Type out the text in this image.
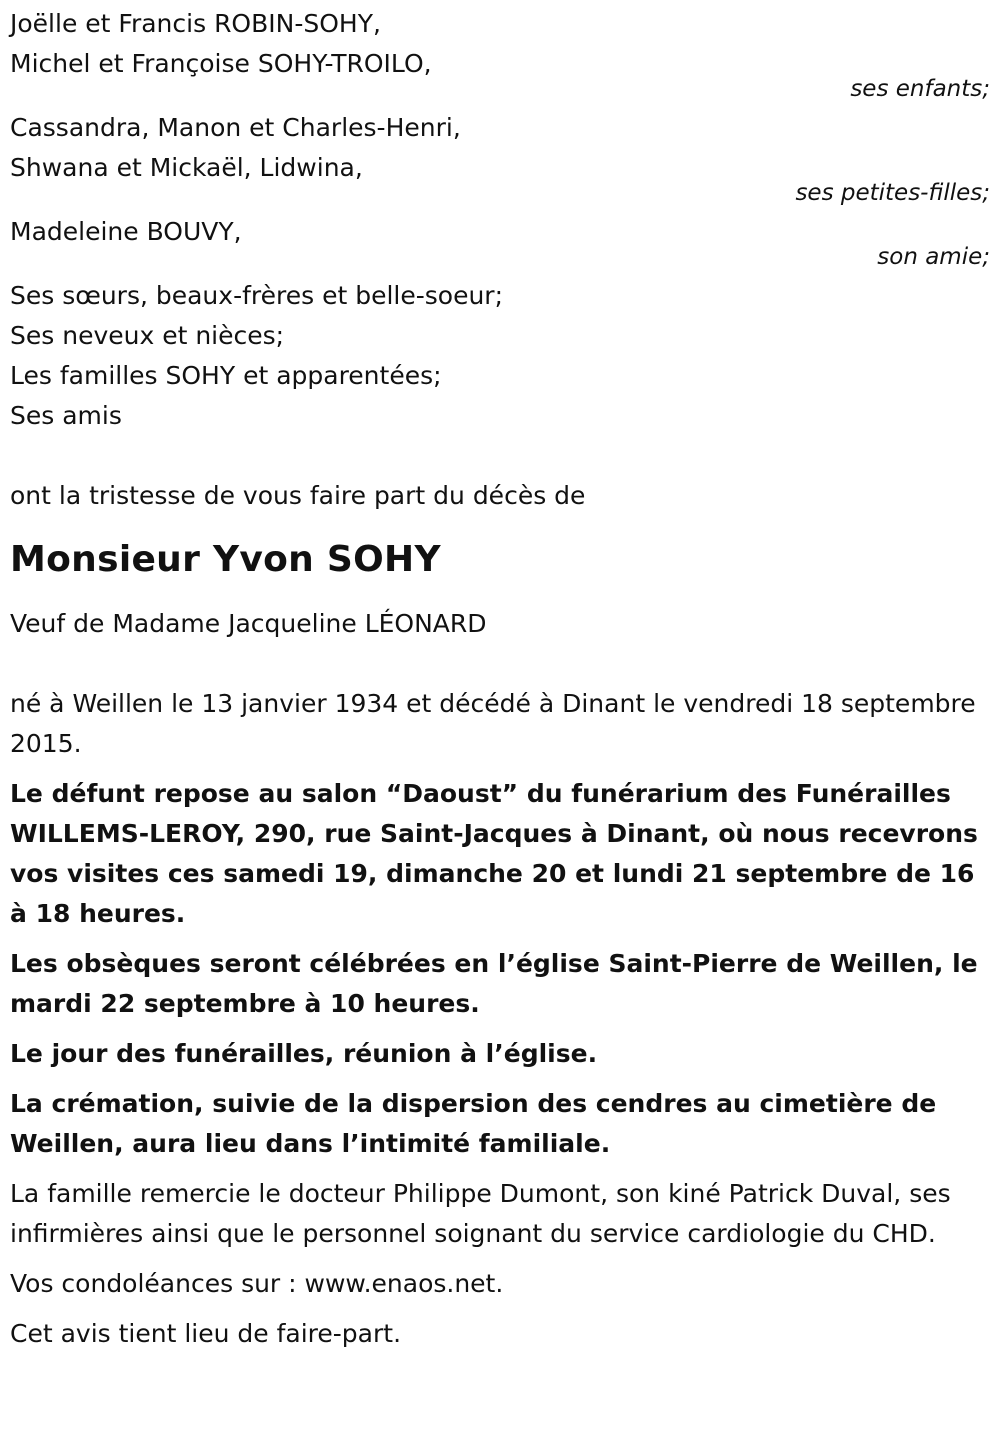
Joëlle et Francis ROBIN-SOHY,
Michel et Françoise SOHY-TROILO,
ses enfants;
Cassandra, Manon et Charles-Henri,
Shwana et Mickaël, Lidwina,
ses petites-filles;
Madeleine BOUVY,
son amie;
Ses sœurs, beaux-frères et belle-soeur;
Ses neveux et nièces;
Les familles SOHY et apparentées;
Ses amis
ont la tristesse de vous faire part du décès de
Monsieur Yvon SOHY
Veuf de Madame Jacqueline LÉONARD

né à Weillen le 13 janvier 1934 et décédé à Dinant le vendredi 18 septembre 2015.

Le défunt repose au salon “Daoust” du funérarium des Funérailles WILLEMS-LEROY, 290, rue Saint-Jacques à Dinant, où nous recevrons vos visites ces samedi 19, dimanche 20 et lundi 21 septembre de 16 à 18 heures.

Les obsèques seront célébrées en l’église Saint-Pierre de Weillen, le mardi 22 septembre à 10 heures.

Le jour des funérailles, réunion à l’église.

La crémation, suivie de la dispersion des cendres au cimetière de Weillen, aura lieu dans l’intimité familiale.

La famille remercie le docteur Philippe Dumont, son kiné Patrick Duval, ses infirmières ainsi que le personnel soignant du service cardiologie du CHD.

Vos condoléances sur : www.enaos.net.

Cet avis tient lieu de faire-part.
